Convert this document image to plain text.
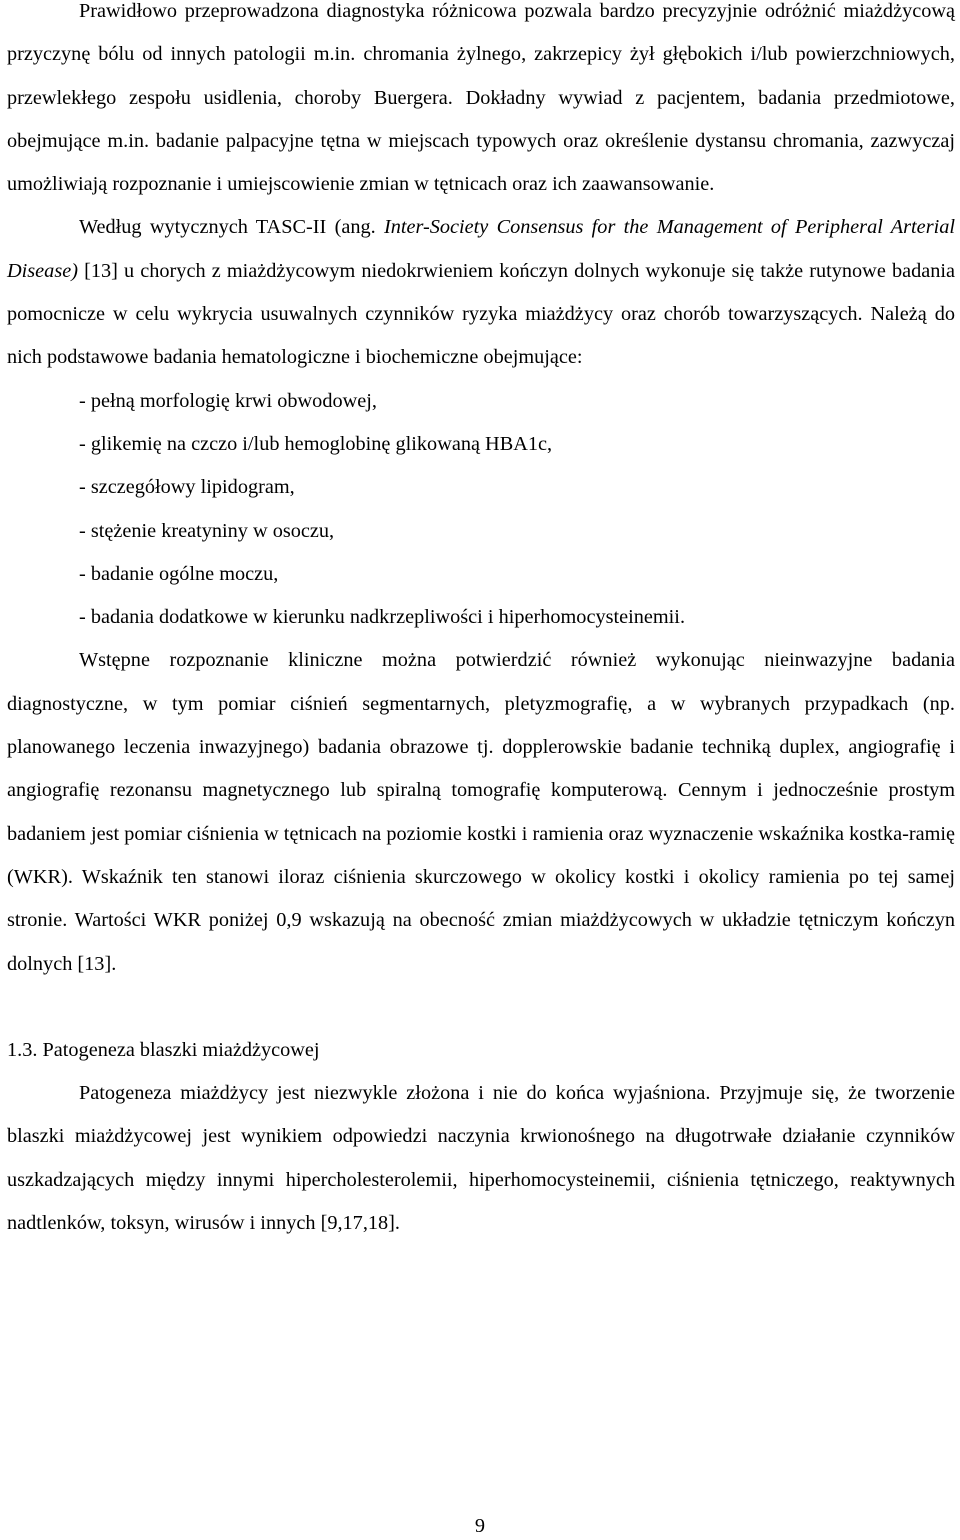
Prawidłowo przeprowadzona diagnostyka różnicowa pozwala bardzo precyzyjnie odróżnić miażdżycową przyczynę bólu od innych patologii m.in. chromania żylnego, zakrzepicy żył głębokich i/lub powierzchniowych, przewlekłego zespołu usidlenia, choroby Buergera. Dokładny wywiad z pacjentem, badania przedmiotowe, obejmujące m.in. badanie palpacyjne tętna w miejscach typowych oraz określenie dystansu chromania, zazwyczaj umożliwiają rozpoznanie i umiejscowienie zmian w tętnicach oraz ich zaawansowanie.

Według wytycznych TASC-II (ang. Inter-Society Consensus for the Management of Peripheral Arterial Disease) [13] u chorych z miażdżycowym niedokrwieniem kończyn dolnych wykonuje się także rutynowe badania pomocnicze w celu wykrycia usuwalnych czynników ryzyka miażdżycy oraz chorób towarzyszących. Należą do nich podstawowe badania hematologiczne i biochemiczne obejmujące:

- pełną morfologię krwi obwodowej,
- glikemię na czczo i/lub hemoglobinę glikowaną HBA1c,
- szczegółowy lipidogram,
- stężenie kreatyniny w osoczu,
- badanie ogólne moczu,
- badania dodatkowe w kierunku nadkrzepliwości i hiperhomocysteinemii.

Wstępne rozpoznanie kliniczne można potwierdzić również wykonując nieinwazyjne badania diagnostyczne, w tym pomiar ciśnień segmentarnych, pletyzmografię, a w wybranych przypadkach (np. planowanego leczenia inwazyjnego) badania obrazowe tj. dopplerowskie badanie techniką duplex, angiografię i angiografię rezonansu magnetycznego lub spiralną tomografię komputerową. Cennym i jednocześnie prostym badaniem jest pomiar ciśnienia w tętnicach na poziomie kostki i ramienia oraz wyznaczenie wskaźnika kostka-ramię (WKR). Wskaźnik ten stanowi iloraz ciśnienia skurczowego w okolicy kostki i okolicy ramienia po tej samej stronie. Wartości WKR poniżej 0,9 wskazują na obecność zmian miażdżycowych w układzie tętniczym kończyn dolnych [13].

1.3. Patogeneza blaszki miażdżycowej

Patogeneza miażdżycy jest niezwykle złożona i nie do końca wyjaśniona. Przyjmuje się, że tworzenie blaszki miażdżycowej jest wynikiem odpowiedzi naczynia krwionośnego na długotrwałe działanie czynników uszkadzających między innymi hipercholesterolemii, hiperhomocysteinemii, ciśnienia tętniczego, reaktywnych nadtlenków, toksyn, wirusów i innych [9,17,18].

9
